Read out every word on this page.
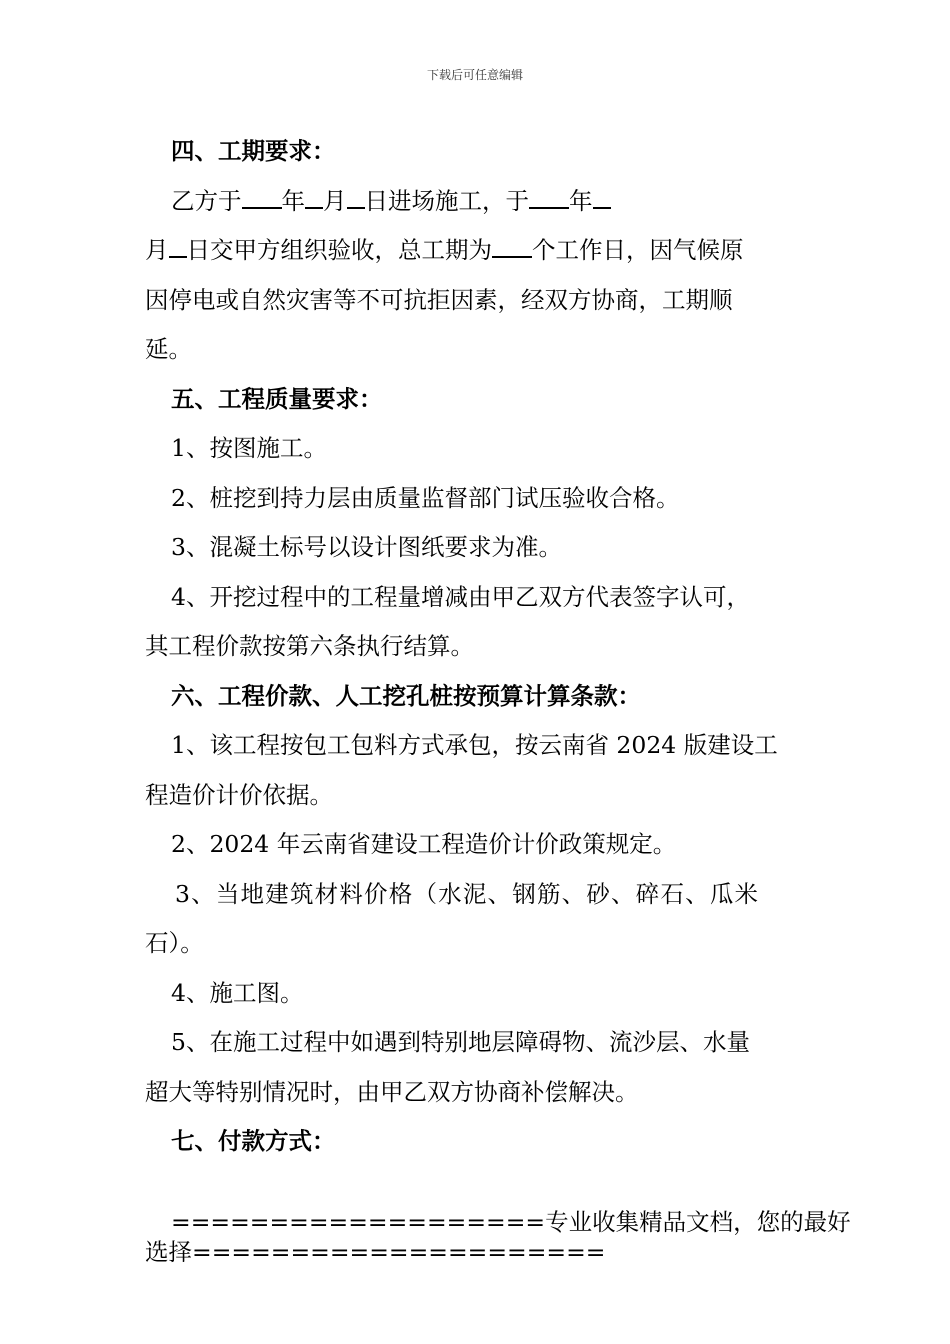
下载后可任意编辑

四、工期要求：

乙方于 年 月 日进场施工，于 年

月 日交甲方组织验收，总工期为 个工作日，因气候原

因停电或自然灾害等不可抗拒因素，经双方协商，工期顺

延。

五、工程质量要求：

1、按图施工。

2、桩挖到持力层由质量监督部门试压验收合格。

3、混凝土标号以设计图纸要求为准。

4、开挖过程中的工程量增减由甲乙双方代表签字认可，

其工程价款按第六条执行结算。

六、工程价款、人工挖孔桩按预算计算条款：

1、该工程按包工包料方式承包，按云南省 2024 版建设工

程造价计价依据。

2、2024 年云南省建设工程造价计价政策规定。

3、当地建筑材料价格（水泥、钢筋、砂、碎石、瓜米

石）。

4、施工图。

5、在施工过程中如遇到特别地层障碍物、流沙层、水量

超大等特别情况时，由甲乙双方协商补偿解决。

七、付款方式：

===================专业收集精品文档，您的最好
选择=====================
